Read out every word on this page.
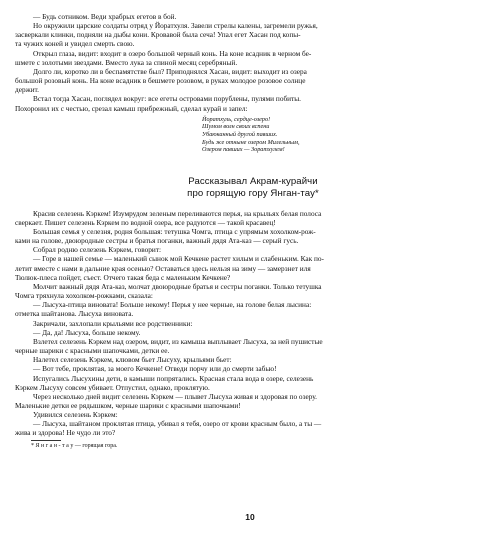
— Будь сотником. Веди храбрых егетов в бой.

Но окружили царские солдаты отряд у Йоратхуля. Завели стрелы калены, загремели ружья,

засверкали клинки, подняли на дыбы кони. Кровавой была сеча! Упал егет Хасан под копы-

та чужих коней и увидел смерть свою.

Открыл глаза, видит: входит в озеро большой черный конь. На коне всадник в черном бе-

шмете с золотыми звездами. Вместо лука за спиной месяц серебряный.

Долго ли, коротко ли в беспамятстве был? Приподнялся Хасан, видит: выходит из озера

большой розовый конь. На коне всадник в бешмете розовом, в руках молодое розовое солнце

держит.

Встал тогда Хасан, поглядел вокруг: все егеты островами порублены, пулями побиты.

Похоронил их с честью, срезал камыш прибрежный, сделал курай и запел:

Йоратхуль, сердце-озеро!
Шумом волн своих вспени
Убаюканный другой павших.
Будь же отныне озером Милельным,
Озером павших — Зоратхулем!
Рассказывал Акрам-курайчи
про горящую гору Янган-тау*

Красив селезень Кэркем! Изумрудом зеленым переливаются перья, на крыльях белая полоса

сверкает. Пишет селезень Кэркем по водной озера, все радуются — такой красавец!

Большая семья у селезня, родня большая: тетушка Чомга, птица с упрямым хохолком-рож-

ками на голове, двоюродные сестры и братья поганки, важный дядя Ата-каз — серый гусь.

Собрал родню селезень Кэркем, говорит:

— Горе в нашей семье — маленький сынок мой Кечкене растет хилым и слабеньким. Как по-

летит вместе с нами в дальние края осенью? Оставаться здесь нельзя на зиму — замерзнет иля

Тюлюк-плеса пойдет, съест. Отчего такая беда с маленьким Кечкене?

Молчит важный дядя Ата-каз, молчат двоюродные братья и сестры поганки. Только тетушка

Чомга тряхнула хохолком-рожками, сказала:

— Лысуха-птица виновата! Больше некому! Перья у нее черные, на голове белая лысина:

отметка шайтанова. Лысуха виновата.

Закричали, захлопали крыльями все родственники:

— Да, да! Лысуха, больше некому.

Взлетел селезень Кэркем над озером, видит, из камыша выплывает Лысуха, за ней пушистые

черные шарики с красными шапочками, детки ее.

Налетел селезень Кэркем, клювом бьет Лысуху, крыльями бьет:

— Вот тебе, проклятая, за моего Кечкене! Отведи порчу или до смерти забью!

Испугались Лысухины дети, в камыши попрятались. Красная стала вода в озере, селезень

Кэркем Лысуху совсем убивает. Отпустил, однако, проклятую.

Через несколько дней видит селезень Кэркем — плывет Лысуха живая и здоровая по озеру.

Маленькие детки ее рядышком, черные шарики с красными шапочками!

Удивился селезень Кэркем:

— Лысуха, шайтаном проклятая птица, убивал я тебя, озеро от крови красным было, а ты —

жива и здорова! Не чудо ли это?

* Я н г а н - т а у — горящая гора.
10
